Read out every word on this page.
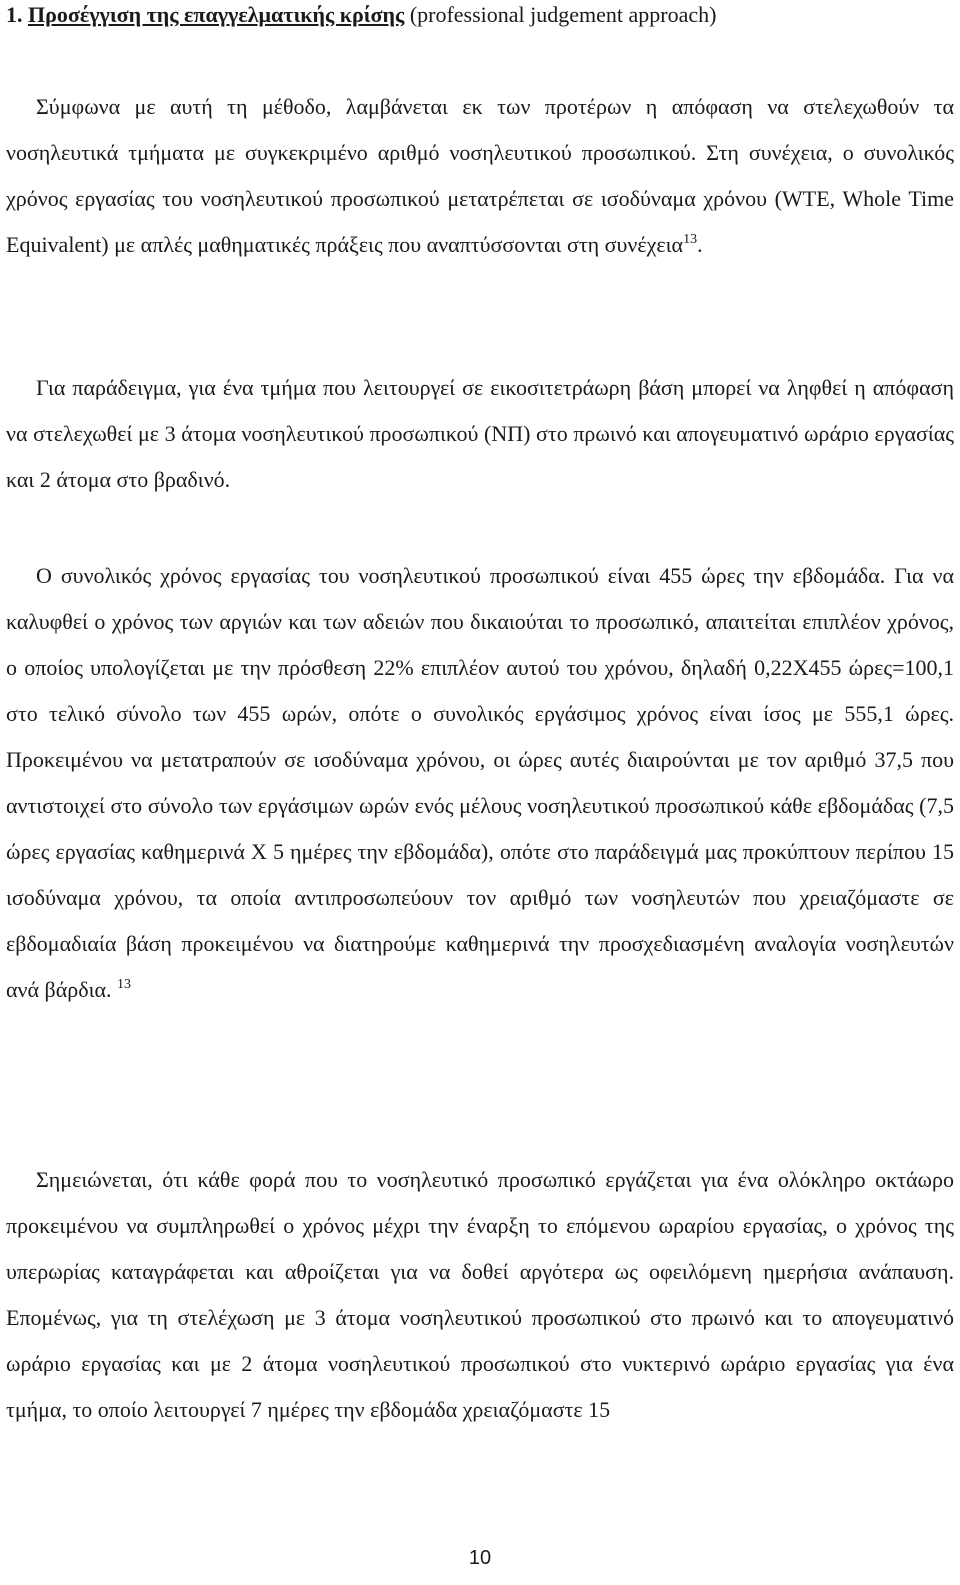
1. Προσέγγιση της επαγγελματικής κρίσης (professional judgement approach)

Σύμφωνα με αυτή τη μέθοδο, λαμβάνεται εκ των προτέρων η απόφαση να στελεχωθούν τα νοσηλευτικά τμήματα με συγκεκριμένο αριθμό νοσηλευτικού προσωπικού. Στη συνέχεια, ο συνολικός χρόνος εργασίας του νοσηλευτικού προσωπικού μετατρέπεται σε ισοδύναμα χρόνου (WTE, Whole Time Equivalent) με απλές μαθηματικές πράξεις που αναπτύσσονται στη συνέχεια$^{13}$.

Για παράδειγμα, για ένα τμήμα που λειτουργεί σε εικοσιτετράωρη βάση μπορεί να ληφθεί η απόφαση να στελεχωθεί με 3 άτομα νοσηλευτικού προσωπικού (ΝΠ) στο πρωινό και απογευματινό ωράριο εργασίας και 2 άτομα στο βραδινό.

Ο συνολικός χρόνος εργασίας του νοσηλευτικού προσωπικού είναι 455 ώρες την εβδομάδα. Για να καλυφθεί ο χρόνος των αργιών και των αδειών που δικαιούται το προσωπικό, απαιτείται επιπλέον χρόνος, ο οποίος υπολογίζεται με την πρόσθεση 22% επιπλέον αυτού του χρόνου, δηλαδή 0,22Χ455 ώρες=100,1 στο τελικό σύνολο των 455 ωρών, οπότε ο συνολικός εργάσιμος χρόνος είναι ίσος με 555,1 ώρες. Προκειμένου να μετατραπούν σε ισοδύναμα χρόνου, οι ώρες αυτές διαιρούνται με τον αριθμό 37,5 που αντιστοιχεί στο σύνολο των εργάσιμων ωρών ενός μέλους νοσηλευτικού προσωπικού κάθε εβδομάδας (7,5 ώρες εργασίας καθημερινά Χ 5 ημέρες την εβδομάδα), οπότε στο παράδειγμά μας προκύπτουν περίπου 15 ισοδύναμα χρόνου, τα οποία αντιπροσωπεύουν τον αριθμό των νοσηλευτών που χρειαζόμαστε σε εβδομαδιαία βάση προκειμένου να διατηρούμε καθημερινά την προσχεδιασμένη αναλογία νοσηλευτών ανά βάρδια. $^{13}$

Σημειώνεται, ότι κάθε φορά που το νοσηλευτικό προσωπικό εργάζεται για ένα ολόκληρο οκτάωρο προκειμένου να συμπληρωθεί ο χρόνος μέχρι την έναρξη το επόμενου ωραρίου εργασίας, ο χρόνος της υπερωρίας καταγράφεται και αθροίζεται για να δοθεί αργότερα ως οφειλόμενη ημερήσια ανάπαυση. Επομένως, για τη στελέχωση με 3 άτομα νοσηλευτικού προσωπικού στο πρωινό και το απογευματινό ωράριο εργασίας και με 2 άτομα νοσηλευτικού προσωπικού στο νυκτερινό ωράριο εργασίας για ένα τμήμα, το οποίο λειτουργεί 7 ημέρες την εβδομάδα χρειαζόμαστε 15

10
